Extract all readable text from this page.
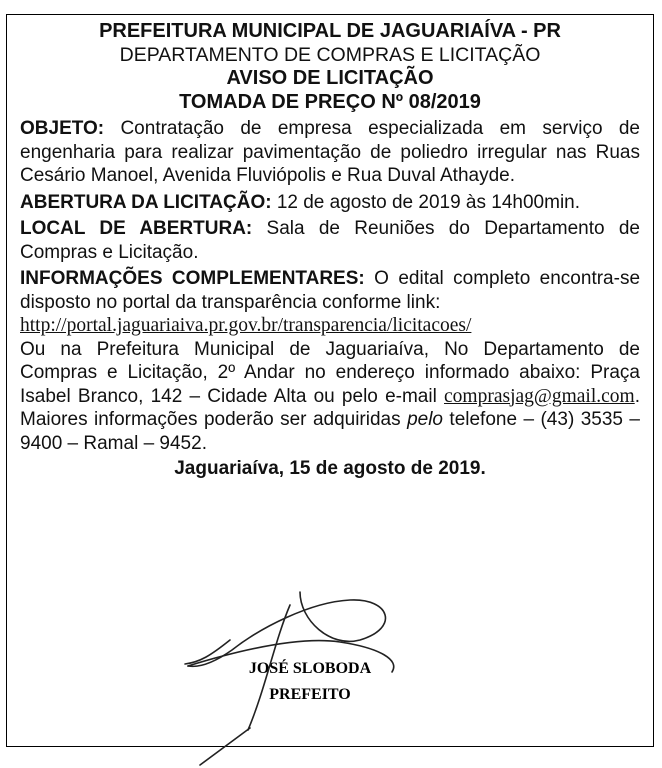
PREFEITURA MUNICIPAL DE JAGUARIAÍVA - PR
DEPARTAMENTO DE COMPRAS E LICITAÇÃO
AVISO DE LICITAÇÃO
TOMADA DE PREÇO Nº 08/2019
OBJETO: Contratação de empresa especializada em serviço de engenharia para realizar pavimentação de poliedro irregular nas Ruas Cesário Manoel, Avenida Fluviópolis e Rua Duval Athayde.
ABERTURA DA LICITAÇÃO: 12 de agosto de 2019 às 14h00min.
LOCAL DE ABERTURA: Sala de Reuniões do Departamento de Compras e Licitação.
INFORMAÇÕES COMPLEMENTARES: O edital completo encontra-se disposto no portal da transparência conforme link:
http://portal.jaguariaiva.pr.gov.br/transparencia/licitacoes/
Ou na Prefeitura Municipal de Jaguariaíva, No Departamento de Compras e Licitação, 2º Andar no endereço informado abaixo: Praça Isabel Branco, 142 – Cidade Alta ou pelo e-mail comprasjag@gmail.com. Maiores informações poderão ser adquiridas pelo telefone – (43) 3535 – 9400 – Ramal – 9452.
Jaguariaíva, 15 de agosto de 2019.
JOSÉ SLOBODA
PREFEITO
